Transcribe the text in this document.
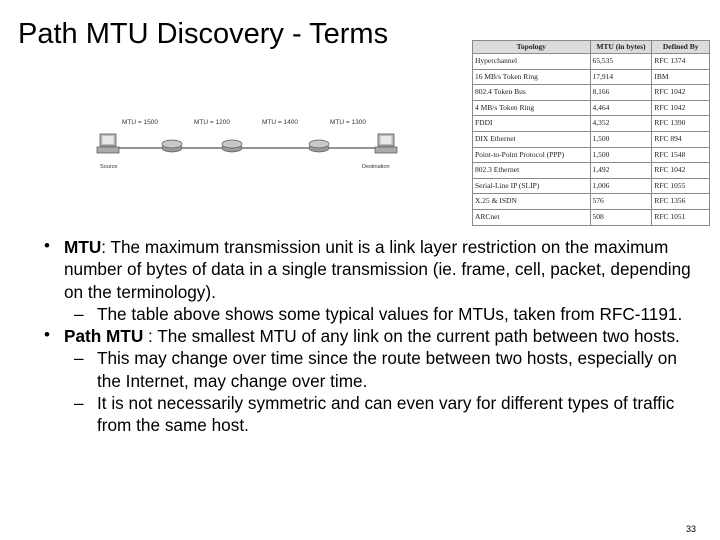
Path MTU Discovery - Terms
Source	Destination
MTU = 1500	MTU = 1200	MTU = 1400	MTU = 1300
Topology	MTU (in bytes)	Defined By
Hyperchannel	65,535	RFC 1374
16 MB/s Token Ring	17,914	IBM
802.4 Token Bus	8,166	RFC 1042
4 MB/s Token Ring	4,464	RFC 1042
FDDI	4,352	RFC 1390
DIX Ethernet	1,500	RFC 894
Point-to-Point Protocol (PPP)	1,500	RFC 1548
802.3 Ethernet	1,492	RFC 1042
Serial-Line IP (SLIP)	1,006	RFC 1055
X.25 & ISDN	576	RFC 1356
ARCnet	508	RFC 1051
• MTU: The maximum transmission unit is a link layer restriction on the maximum number of bytes of data in a single transmission (ie. frame, cell, packet, depending on the terminology).
– The table above shows some typical values for MTUs, taken from RFC-1191.
• Path MTU : The smallest MTU of any link on the current path between two hosts.
– This may change over time since the route between two hosts, especially on the Internet, may change over time.
– It is not necessarily symmetric and can even vary for different types of traffic from the same host.
33
